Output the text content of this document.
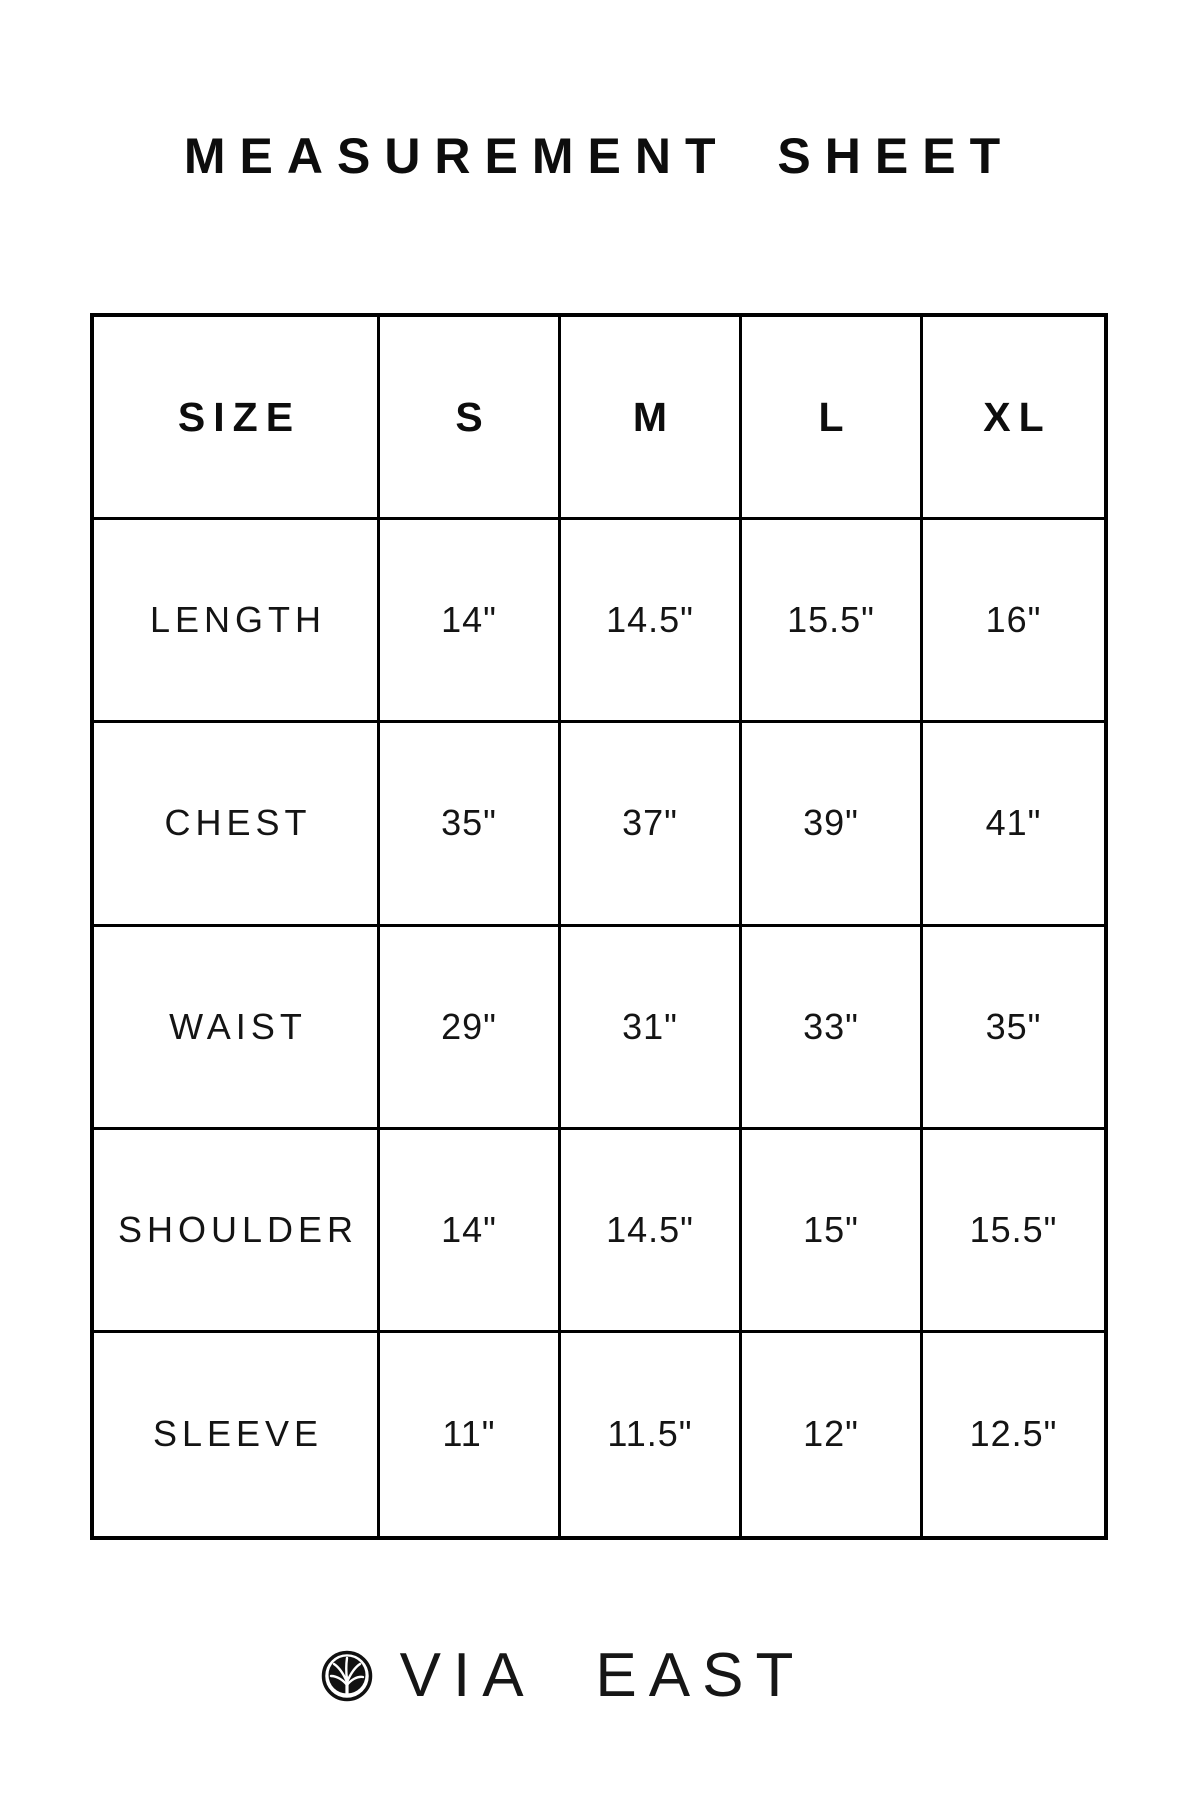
MEASUREMENT SHEET
SIZE	S	M	L	XL
LENGTH	14"	14.5"	15.5"	16"
CHEST	35"	37"	39"	41"
WAIST	29"	31"	33"	35"
SHOULDER	14"	14.5"	15"	15.5"
SLEEVE	11"	11.5"	12"	12.5"
VIA EAST
